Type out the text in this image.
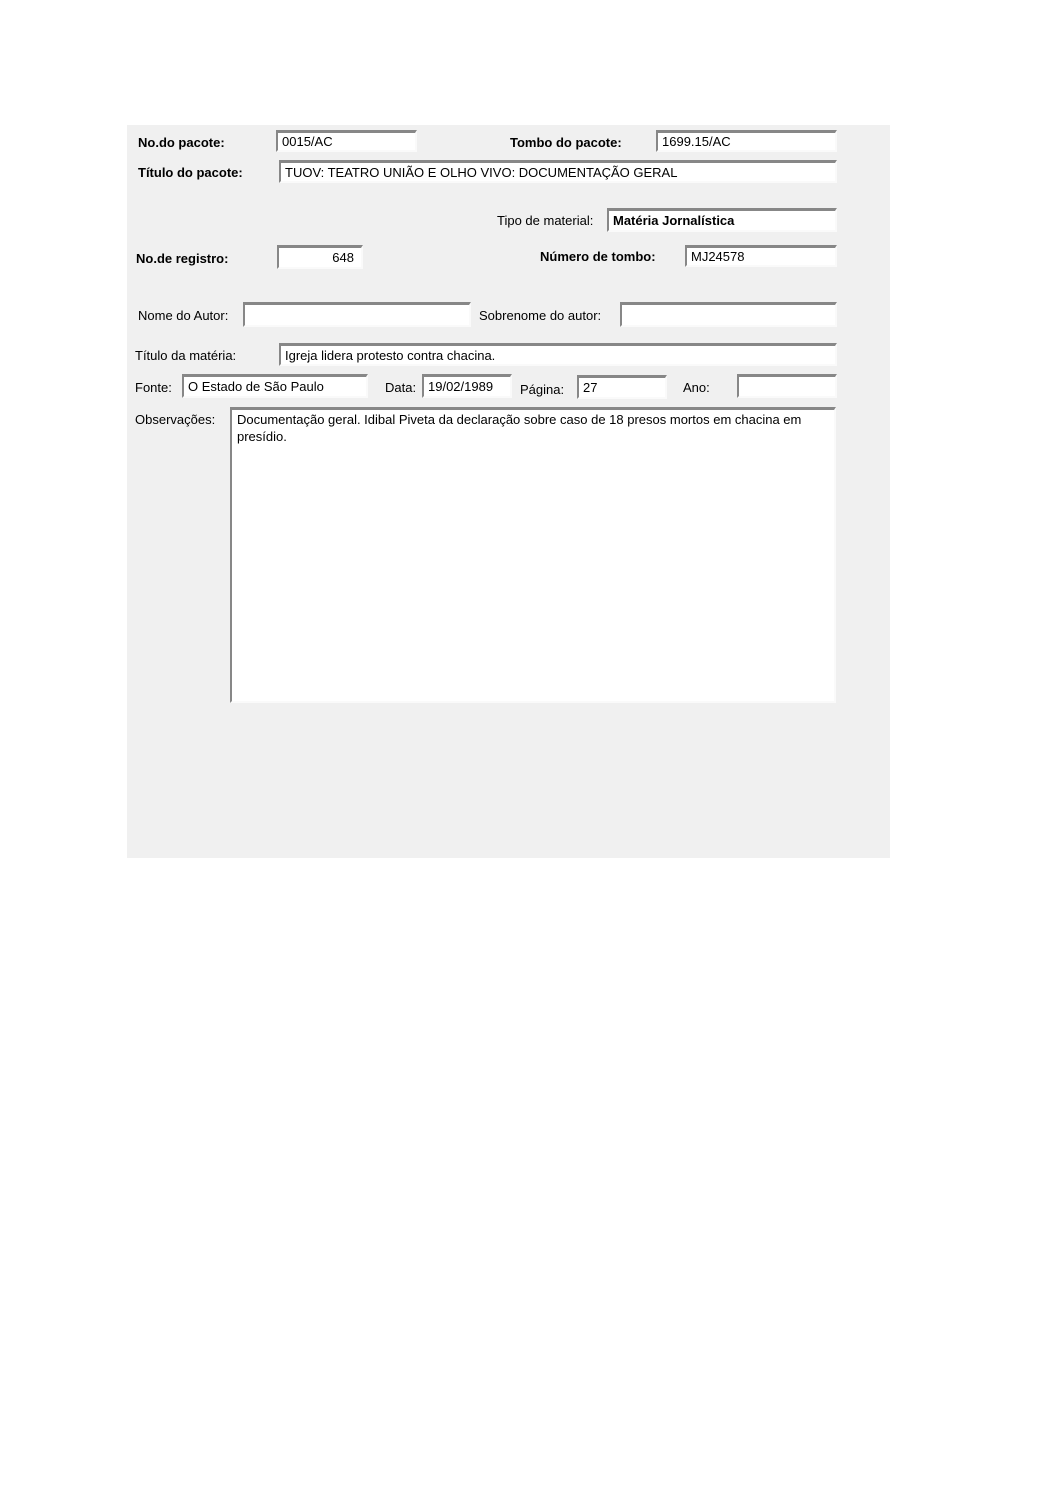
No.do pacote:
0015/AC	Tombo do pacote:
1699.15/AC
Título do pacote:
TUOV: TEATRO UNIÃO E OLHO VIVO: DOCUMENTAÇÃO GERAL
Tipo de material:
Matéria Jornalística
No.de registro:
648	Número de tombo:
MJ24578
Nome do Autor:	Sobrenome do autor:
Título da matéria:
Igreja lidera protesto contra chacina.
Fonte:
O Estado de São Paulo	Data:
19/02/1989	Página:
27	Ano:
Observações:
Documentação geral. Idibal Piveta da declaração sobre caso de 18 presos mortos em chacina em presídio.
